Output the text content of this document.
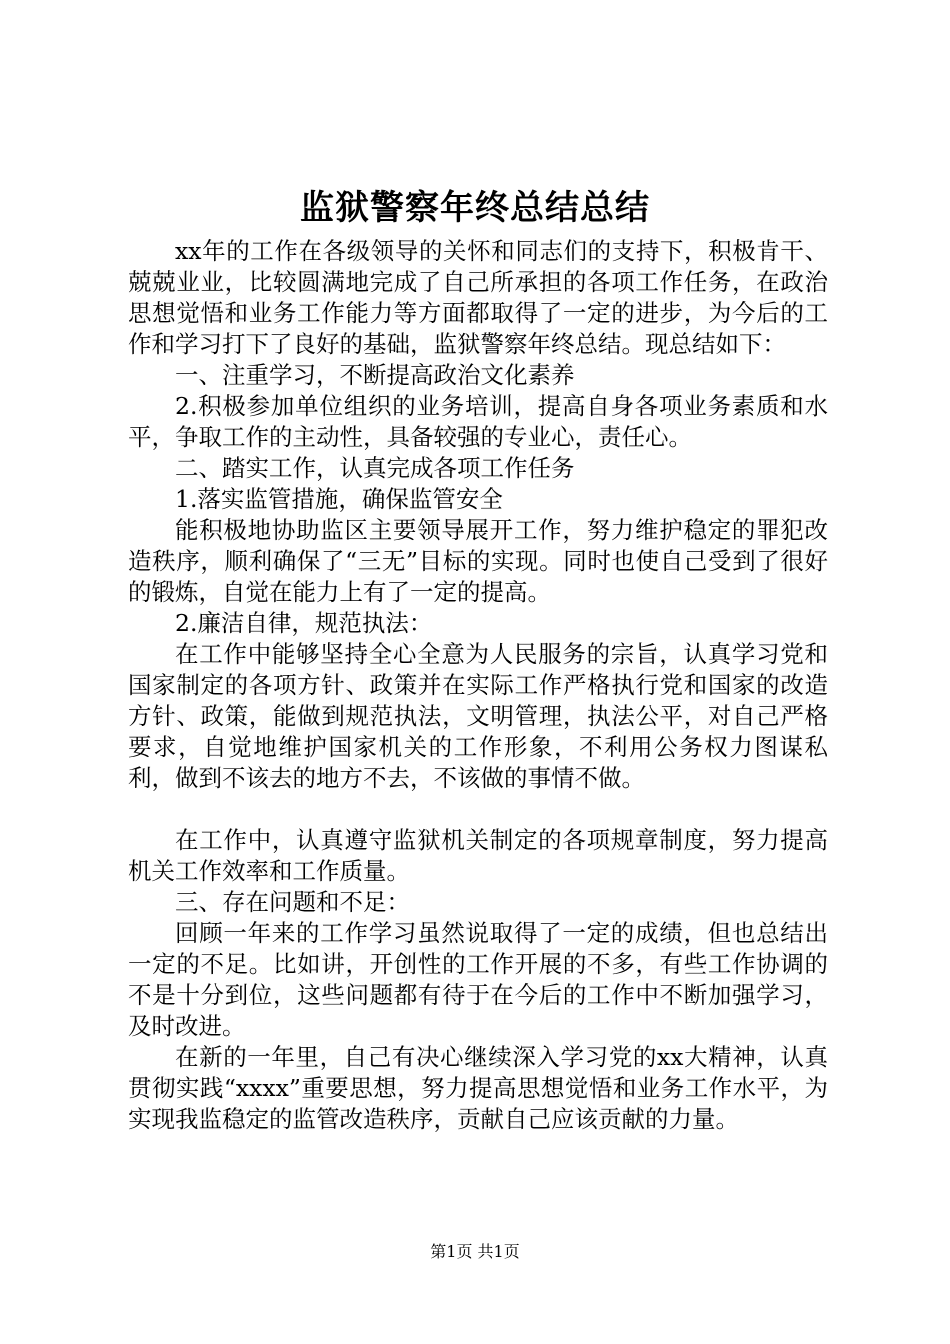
监狱警察年终总结总结

xx年的工作在各级领导的关怀和同志们的支持下，积极肯干、兢兢业业，比较圆满地完成了自己所承担的各项工作任务，在政治思想觉悟和业务工作能力等方面都取得了一定的进步，为今后的工作和学习打下了良好的基础，监狱警察年终总结。现总结如下：

一、注重学习，不断提高政治文化素养

2.积极参加单位组织的业务培训，提高自身各项业务素质和水平，争取工作的主动性，具备较强的专业心，责任心。

二、踏实工作，认真完成各项工作任务

1.落实监管措施，确保监管安全

能积极地协助监区主要领导展开工作，努力维护稳定的罪犯改造秩序，顺利确保了“三无”目标的实现。同时也使自己受到了很好的锻炼，自觉在能力上有了一定的提高。

2.廉洁自律，规范执法：

在工作中能够坚持全心全意为人民服务的宗旨，认真学习党和国家制定的各项方针、政策并在实际工作严格执行党和国家的改造方针、政策，能做到规范执法，文明管理，执法公平，对自己严格要求，自觉地维护国家机关的工作形象，不利用公务权力图谋私利，做到不该去的地方不去，不该做的事情不做。

在工作中，认真遵守监狱机关制定的各项规章制度，努力提高机关工作效率和工作质量。

三、存在问题和不足：

回顾一年来的工作学习虽然说取得了一定的成绩，但也总结出一定的不足。比如讲，开创性的工作开展的不多，有些工作协调的不是十分到位，这些问题都有待于在今后的工作中不断加强学习，及时改进。

在新的一年里，自己有决心继续深入学习党的xx大精神，认真贯彻实践“xxxx”重要思想，努力提高思想觉悟和业务工作水平，为实现我监稳定的监管改造秩序，贡献自己应该贡献的力量。

第1页 共1页
